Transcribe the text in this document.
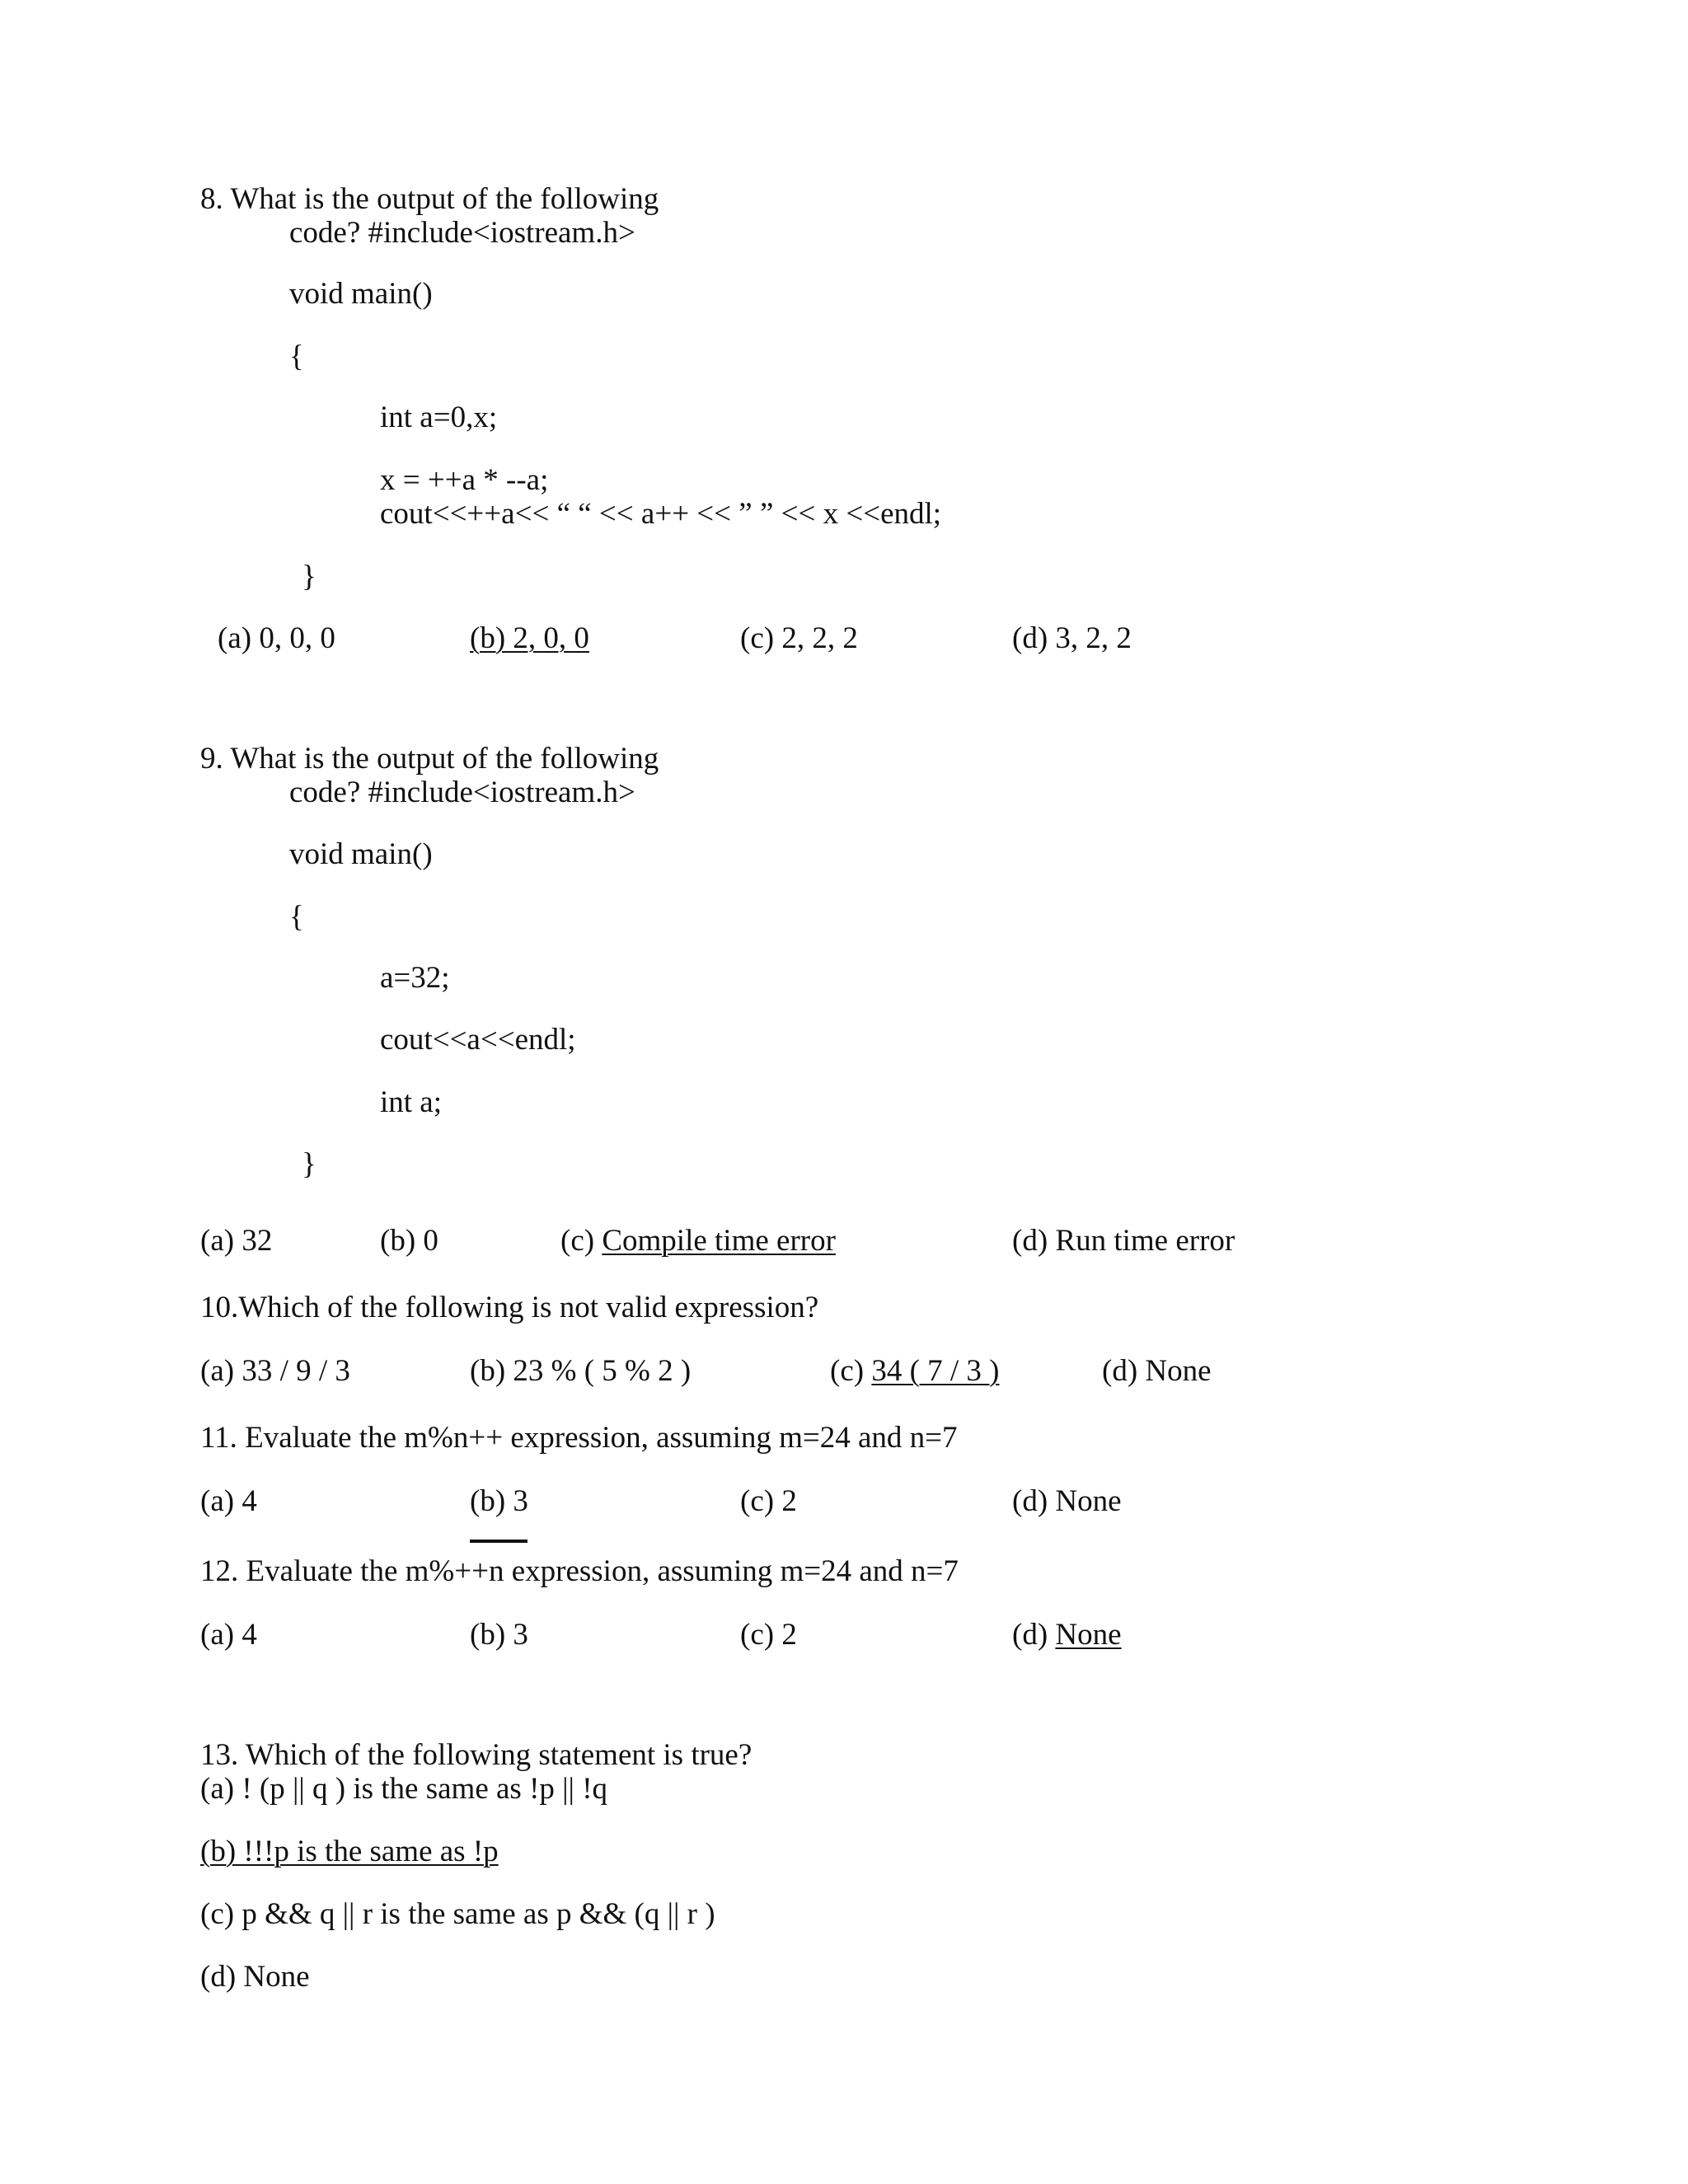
8. What is the output of the following
code? #include<iostream.h>
void main()
{
int a=0,x;
x = ++a * --a;
cout<<++a<< “ “ << a++ << ” ” << x <<endl;
}
(a) 0, 0, 0	(b) 2, 0, 0	(c) 2, 2, 2	(d) 3, 2, 2
9. What is the output of the following
code? #include<iostream.h>
void main()
{
a=32;
cout<<a<<endl;
int a;
}
(a) 32	(b) 0	(c) Compile time error	(d) Run time error
10.Which of the following is not valid expression?
(a) 33 / 9 / 3	(b) 23 % ( 5 % 2 )	(c) 34 ( 7 / 3 )	(d) None
11. Evaluate the m%n++ expression, assuming m=24 and n=7
(a) 4	(b) 3	(c) 2	(d) None
12. Evaluate the m%++n expression, assuming m=24 and n=7
(a) 4	(b) 3	(c) 2	(d) None
13. Which of the following statement is true?
(a) ! (p || q ) is the same as !p || !q
(b) !!!p is the same as !p
(c) p && q || r is the same as p && (q || r )
(d) None
